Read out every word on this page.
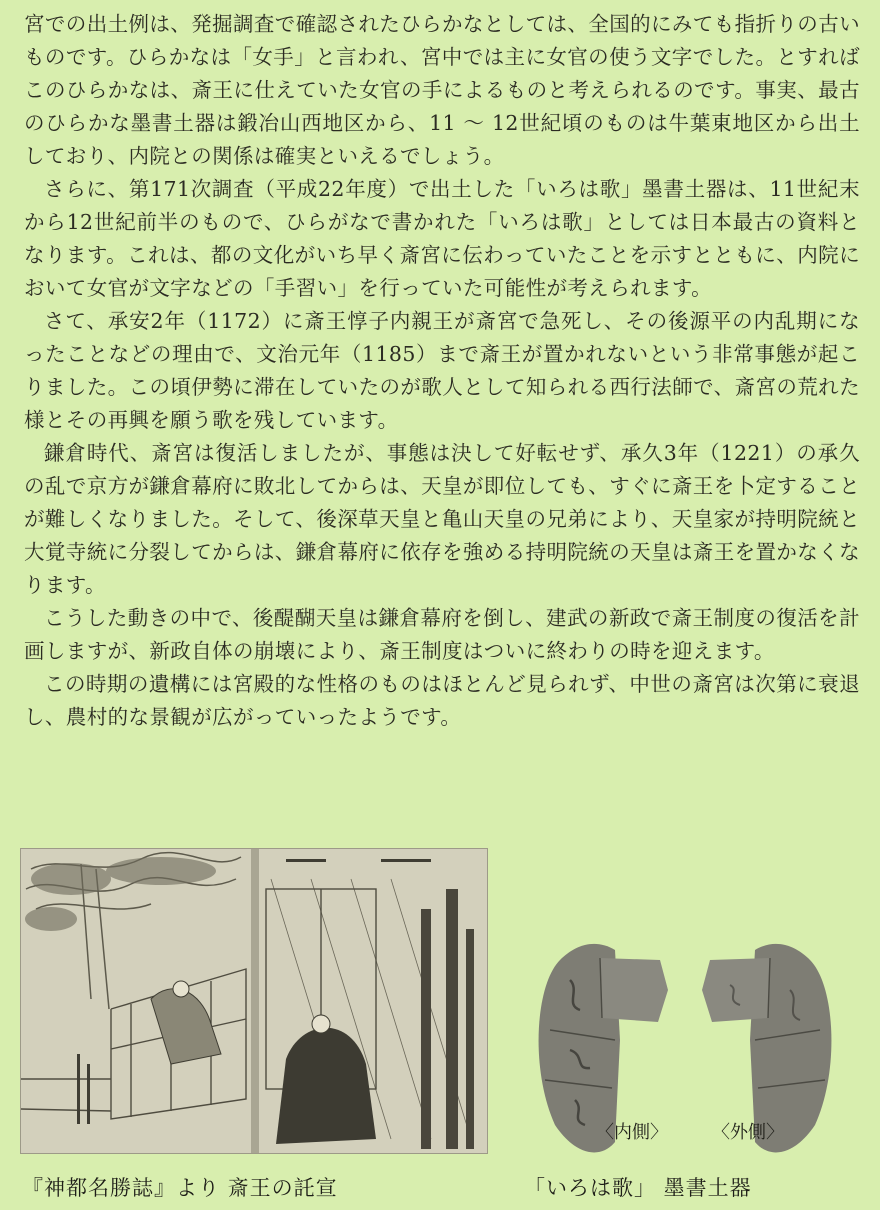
宮での出土例は、発掘調査で確認されたひらかなとしては、全国的にみても指折りの古いものです。ひらかなは「女手」と言われ、宮中では主に女官の使う文字でした。とすればこのひらかなは、斎王に仕えていた女官の手によるものと考えられるのです。事実、最古のひらかな墨書土器は鍛冶山西地区から、11 ～ 12世紀頃のものは牛葉東地区から出土しており、内院との関係は確実といえるでしょう。

さらに、第171次調査（平成22年度）で出土した「いろは歌」墨書土器は、11世紀末から12世紀前半のもので、ひらがなで書かれた「いろは歌」としては日本最古の資料となります。これは、都の文化がいち早く斎宮に伝わっていたことを示すとともに、内院において女官が文字などの「手習い」を行っていた可能性が考えられます。

さて、承安2年（1172）に斎王惇子内親王が斎宮で急死し、その後源平の内乱期になったことなどの理由で、文治元年（1185）まで斎王が置かれないという非常事態が起こりました。この頃伊勢に滞在していたのが歌人として知られる西行法師で、斎宮の荒れた様とその再興を願う歌を残しています。

鎌倉時代、斎宮は復活しましたが、事態は決して好転せず、承久3年（1221）の承久の乱で京方が鎌倉幕府に敗北してからは、天皇が即位しても、すぐに斎王を卜定することが難しくなりました。そして、後深草天皇と亀山天皇の兄弟により、天皇家が持明院統と大覚寺統に分裂してからは、鎌倉幕府に依存を強める持明院統の天皇は斎王を置かなくなります。

こうした動きの中で、後醍醐天皇は鎌倉幕府を倒し、建武の新政で斎王制度の復活を計画しますが、新政自体の崩壊により、斎王制度はついに終わりの時を迎えます。

この時期の遺構には宮殿的な性格のものはほとんど見られず、中世の斎宮は次第に衰退し、農村的な景観が広がっていったようです。

〈内側〉 〈外側〉
『神都名勝誌』より 斎王の託宣	「いろは歌」 墨書土器
